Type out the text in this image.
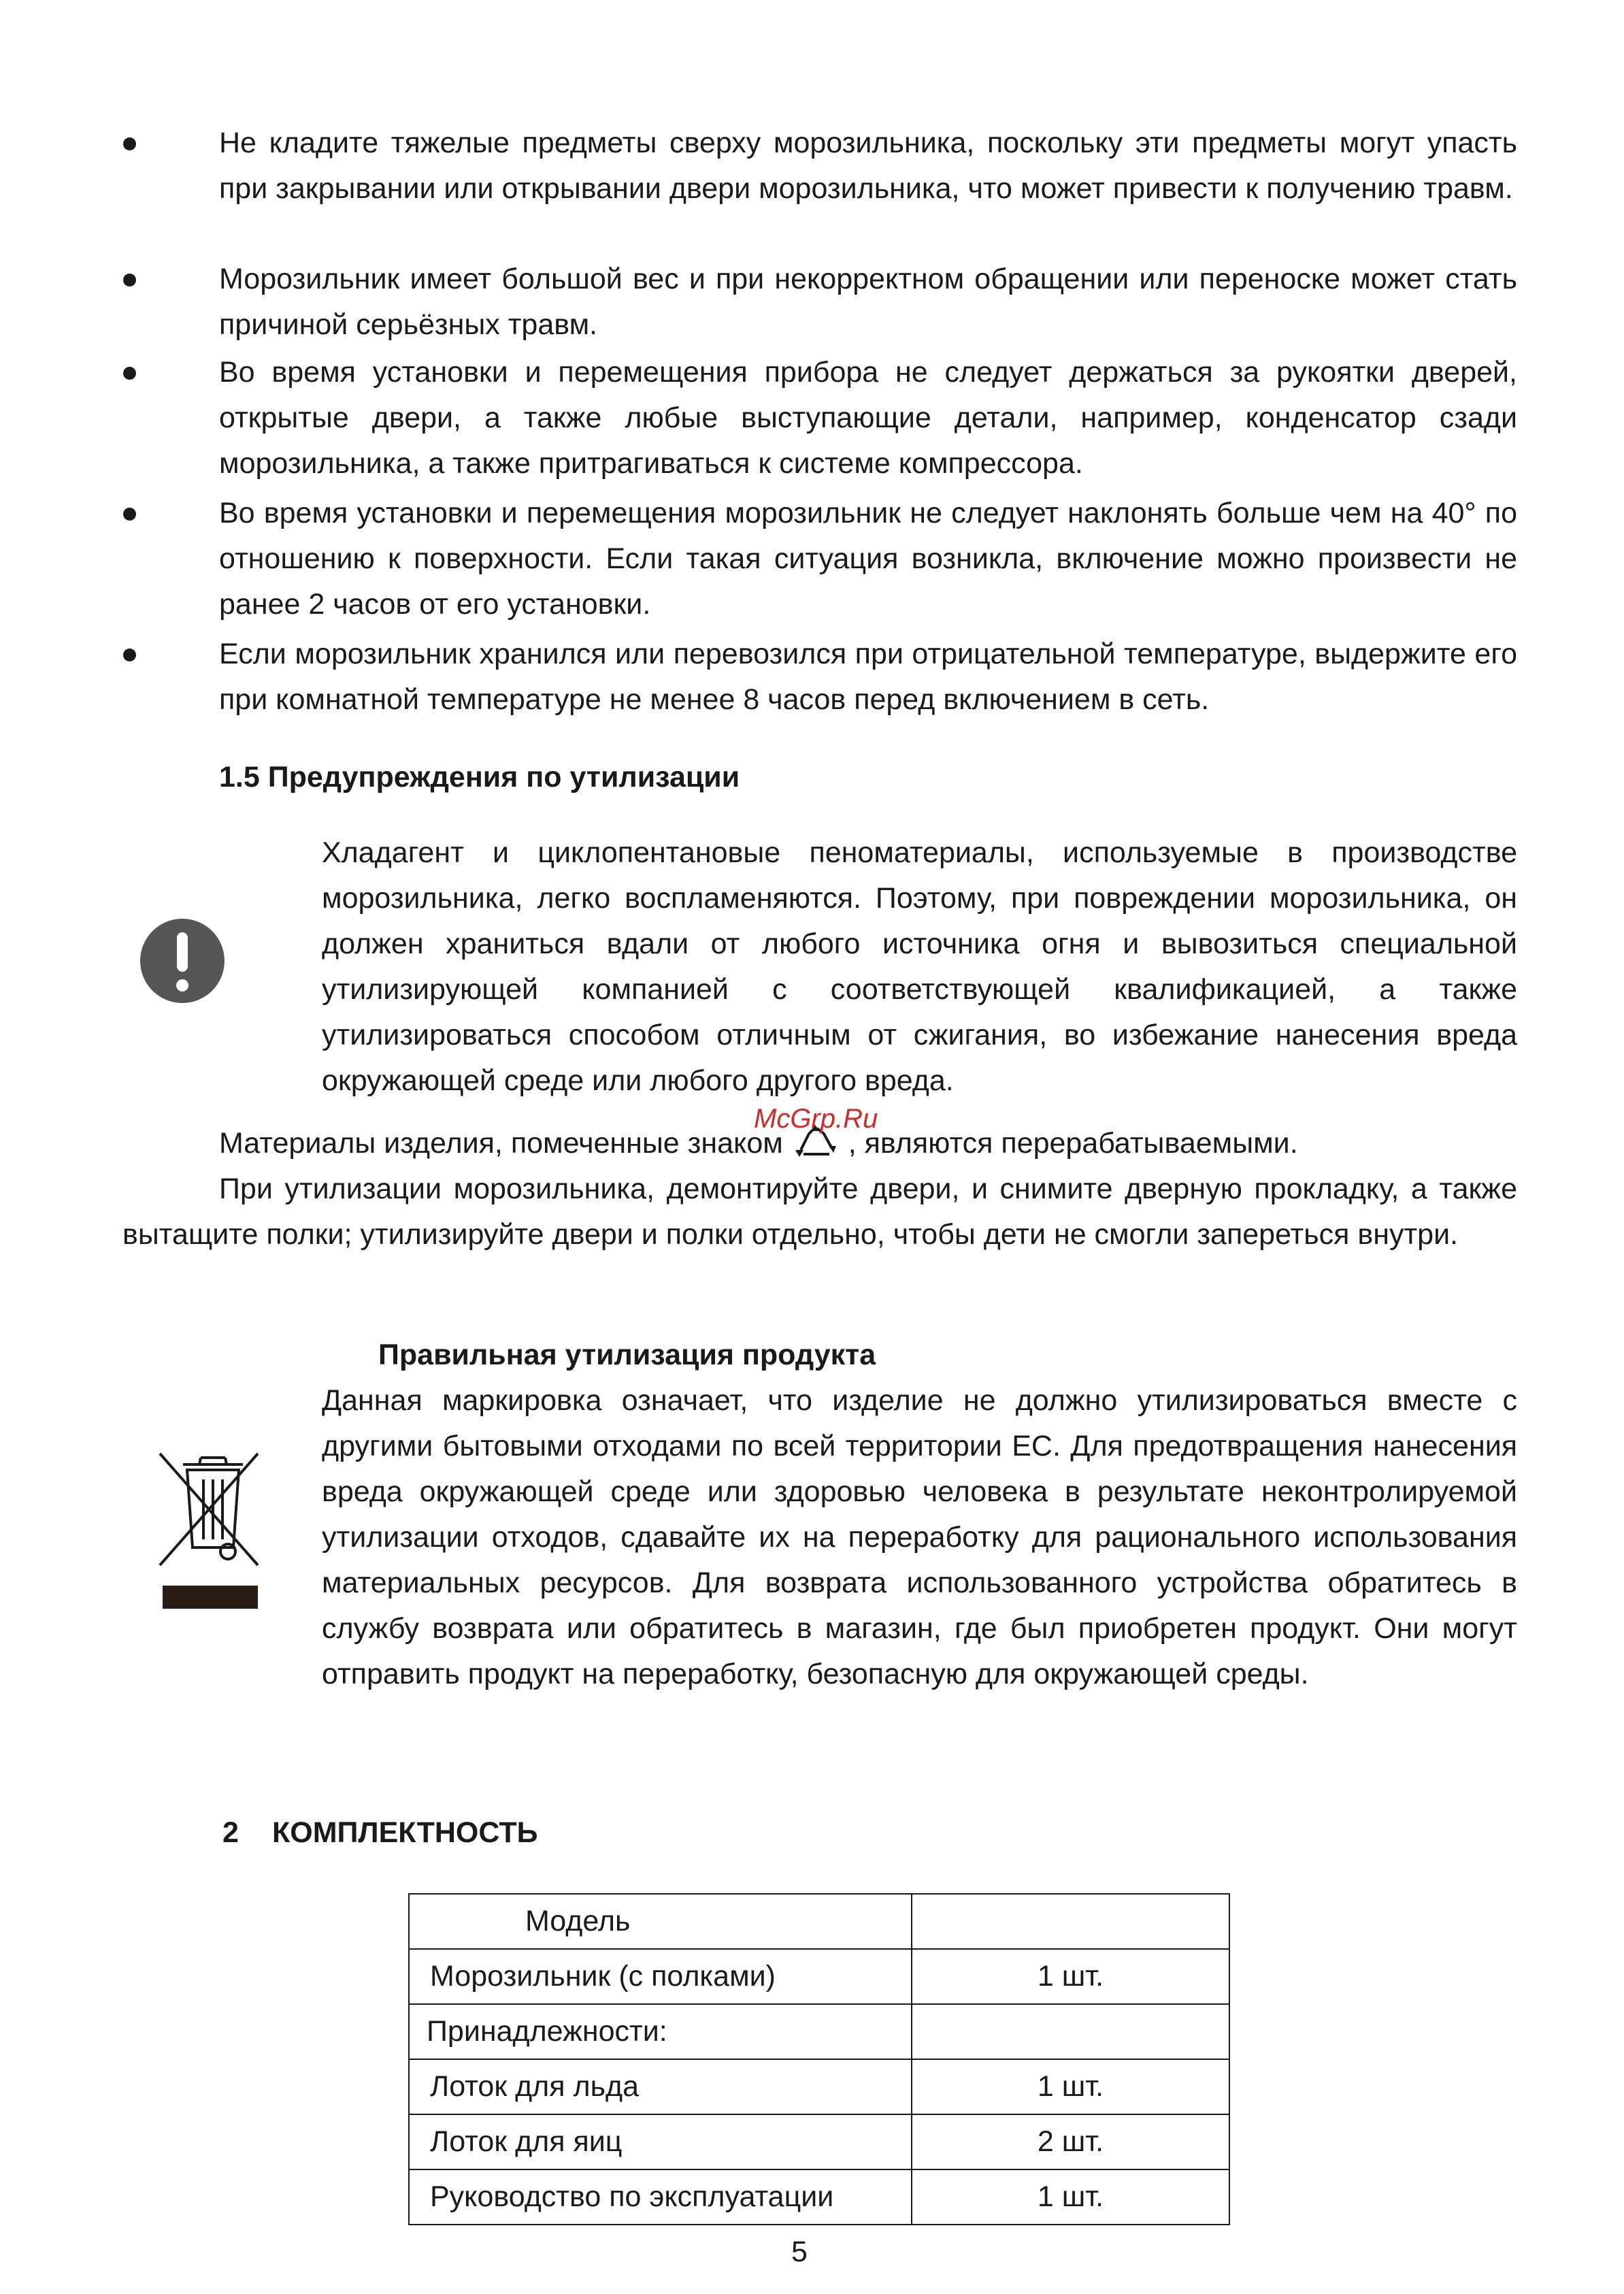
Не кладите тяжелые предметы сверху морозильника, поскольку эти предметы могут упасть при закрывании или открывании двери морозильника, что может привести к получению травм.

Морозильник имеет большой вес и при некорректном обращении или переноске может стать причиной серьёзных травм.

Во время установки и перемещения прибора не следует держаться за рукоятки дверей, открытые двери, а также любые выступающие детали, например, конденсатор сзади морозильника, а также притрагиваться к системе компрессора.

Во время установки и перемещения морозильник не следует наклонять больше чем на 40° по отношению к поверхности. Если такая ситуация возникла, включение можно произвести не ранее 2 часов от его установки.

Если морозильник хранился или перевозился при отрицательной температуре, выдержите его при комнатной температуре не менее 8 часов перед включением в сеть.

1.5 Предупреждения по утилизации

Хладагент и циклопентановые пеноматериалы, используемые в производстве морозильника, легко воспламеняются. Поэтому, при повреждении морозильника, он должен храниться вдали от любого источника огня и вывозиться специальной утилизирующей компанией с соответствующей квалификацией, а также утилизироваться способом отличным от сжигания, во избежание нанесения вреда окружающей среде или любого другого вреда.

Материалы изделия, помеченные знаком , являются перерабатываемыми.

McGrp.Ru

При утилизации морозильника, демонтируйте двери, и снимите дверную прокладку, а также вытащите полки; утилизируйте двери и полки отдельно, чтобы дети не смогли запереться внутри.

Правильная утилизация продукта

Данная маркировка означает, что изделие не должно утилизироваться вместе с другими бытовыми отходами по всей территории ЕС. Для предотвращения нанесения вреда окружающей среде или здоровью человека в результате неконтролируемой утилизации отходов, сдавайте их на переработку для рационального использования материальных ресурсов. Для возврата использованного устройства обратитесь в службу возврата или обратитесь в магазин, где был приобретен продукт. Они могут отправить продукт на переработку, безопасную для окружающей среды.

2 КОМПЛЕКТНОСТЬ

Модель	
Морозильник (с полками)	1 шт.
Принадлежности:	
Лоток для льда	1 шт.
Лоток для яиц	2 шт.
Руководство по эксплуатации	1 шт.
5
